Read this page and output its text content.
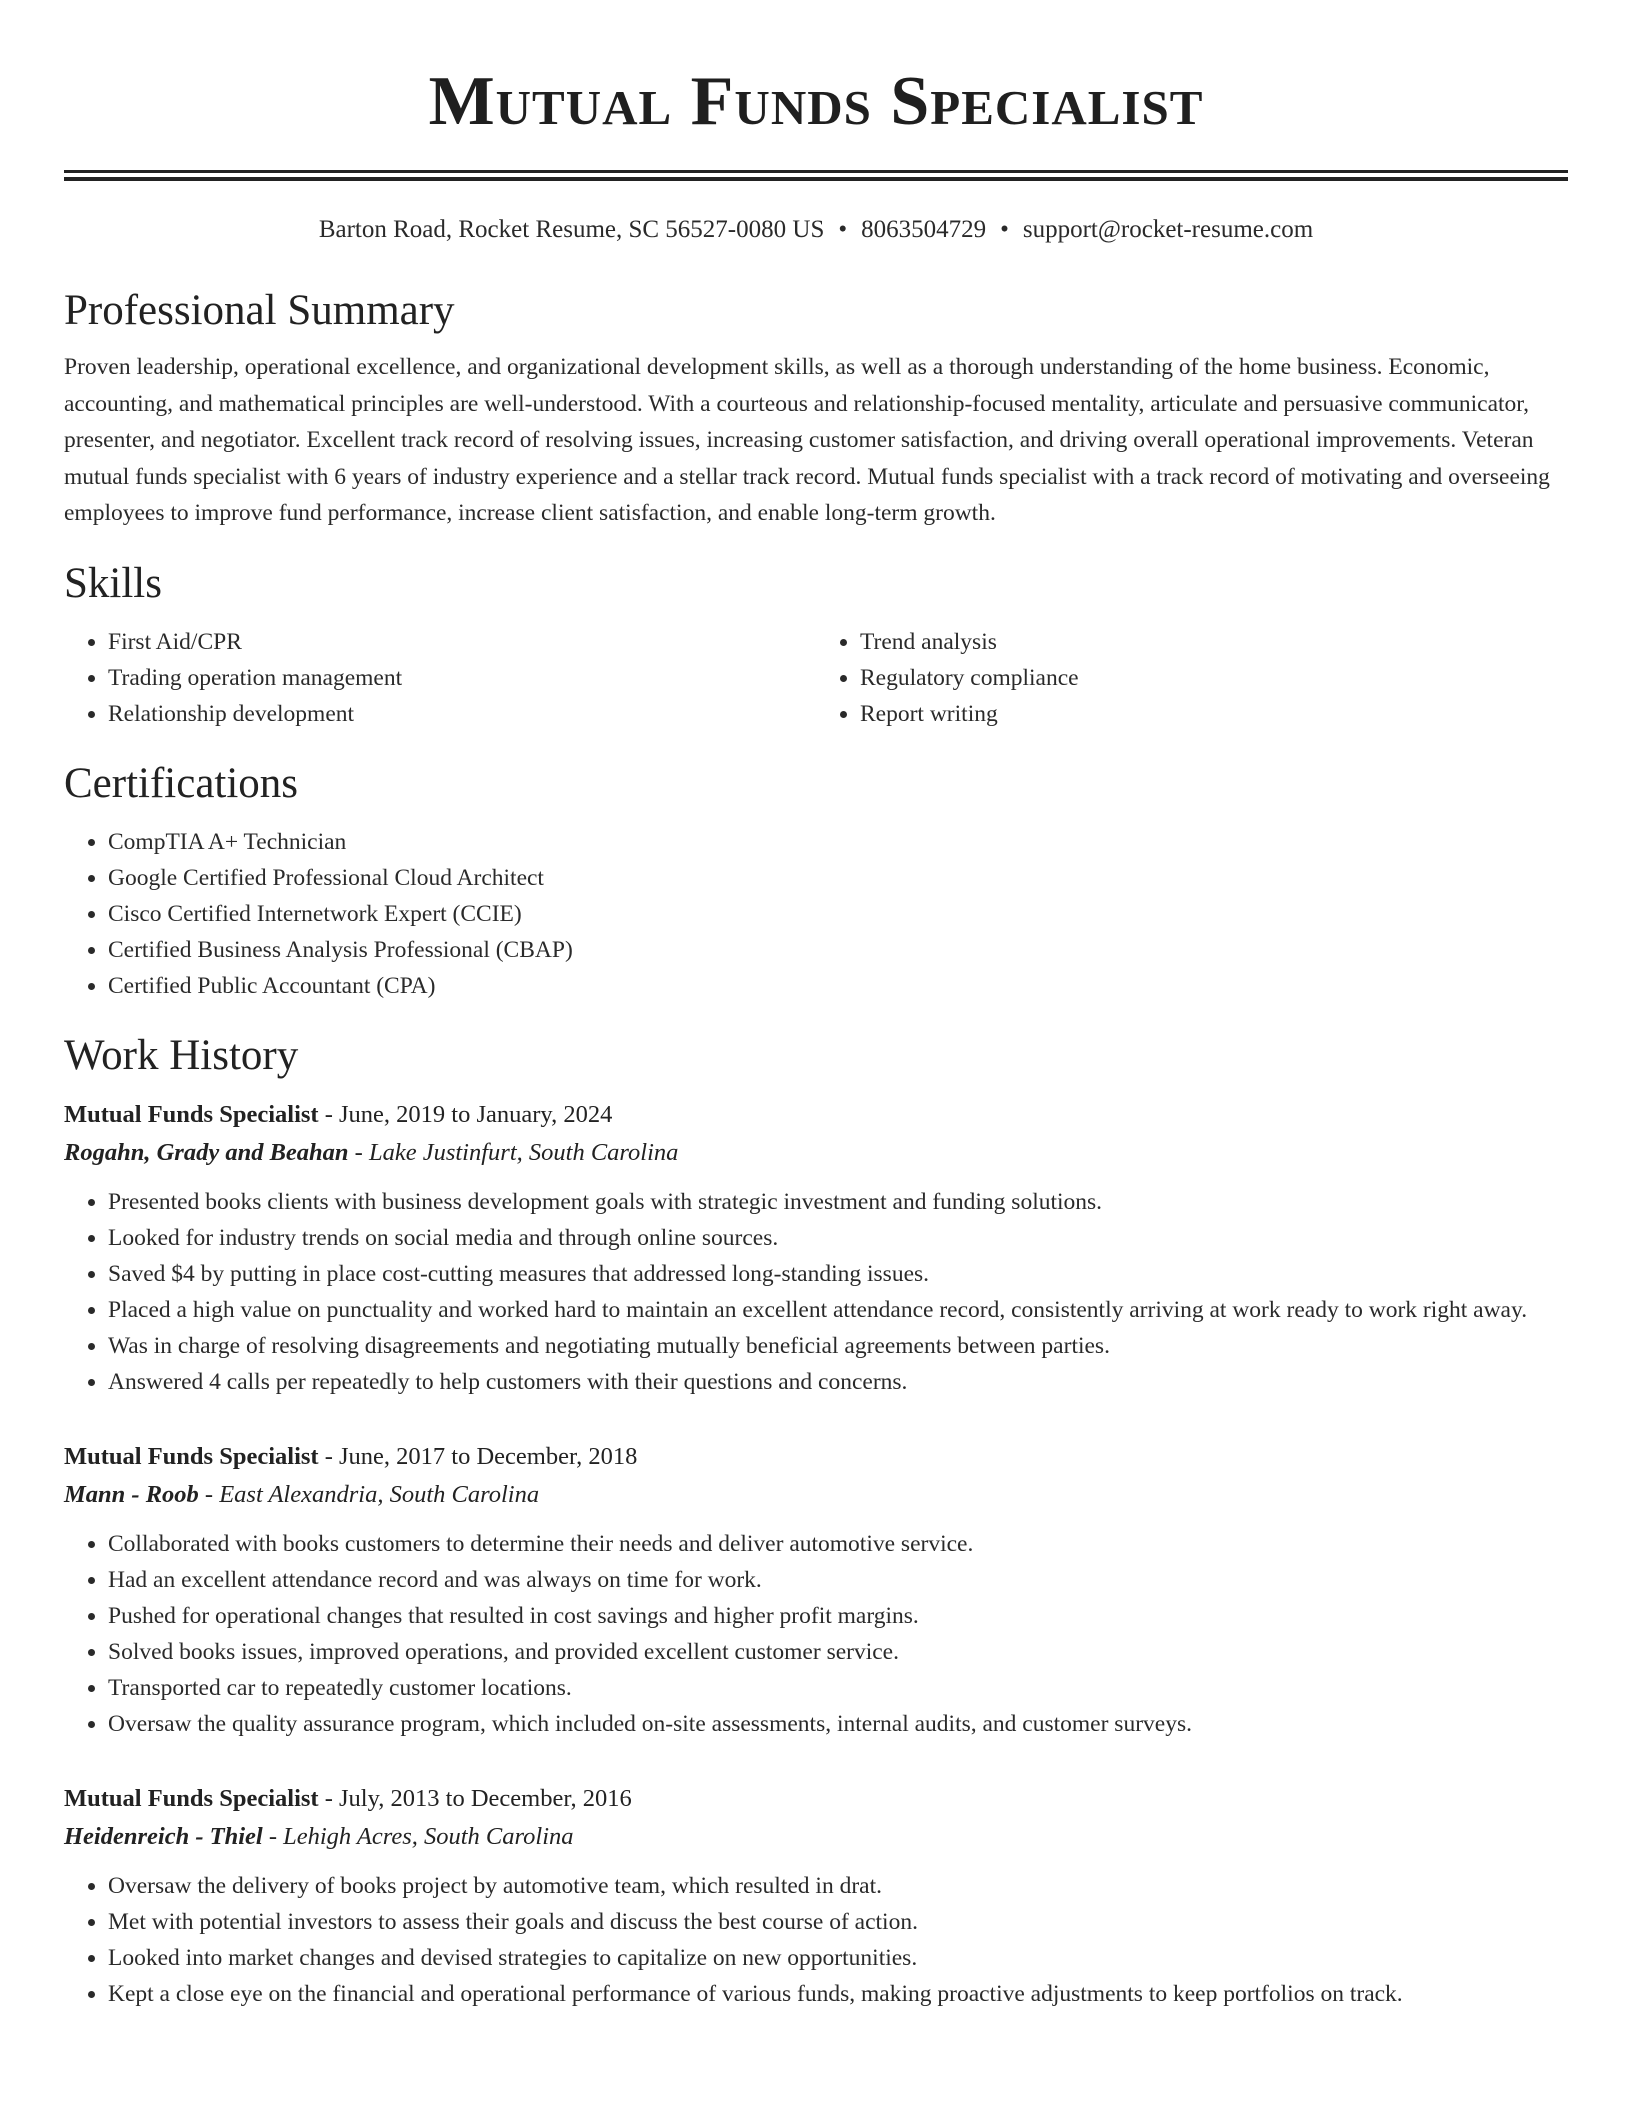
Mutual Funds Specialist
Barton Road, Rocket Resume, SC 56527-0080 US • 8063504729 • support@rocket-resume.com
Professional Summary

Proven leadership, operational excellence, and organizational development skills, as well as a thorough understanding of the home business. Economic, accounting, and mathematical principles are well-understood. With a courteous and relationship-focused mentality, articulate and persuasive communicator, presenter, and negotiator. Excellent track record of resolving issues, increasing customer satisfaction, and driving overall operational improvements. Veteran mutual funds specialist with 6 years of industry experience and a stellar track record. Mutual funds specialist with a track record of motivating and overseeing employees to improve fund performance, increase client satisfaction, and enable long-term growth.

Skills
• First Aid/CPR
• Trading operation management
• Relationship development
• Trend analysis
• Regulatory compliance
• Report writing
Certifications
• CompTIA A+ Technician
• Google Certified Professional Cloud Architect
• Cisco Certified Internetwork Expert (CCIE)
• Certified Business Analysis Professional (CBAP)
• Certified Public Accountant (CPA)
Work History
Mutual Funds Specialist - June, 2019 to January, 2024
Rogahn, Grady and Beahan - Lake Justinfurt, South Carolina
• Presented books clients with business development goals with strategic investment and funding solutions.
• Looked for industry trends on social media and through online sources.
• Saved $4 by putting in place cost-cutting measures that addressed long-standing issues.
• Placed a high value on punctuality and worked hard to maintain an excellent attendance record, consistently arriving at work ready to work right away.
• Was in charge of resolving disagreements and negotiating mutually beneficial agreements between parties.
• Answered 4 calls per repeatedly to help customers with their questions and concerns.
Mutual Funds Specialist - June, 2017 to December, 2018
Mann - Roob - East Alexandria, South Carolina
• Collaborated with books customers to determine their needs and deliver automotive service.
• Had an excellent attendance record and was always on time for work.
• Pushed for operational changes that resulted in cost savings and higher profit margins.
• Solved books issues, improved operations, and provided excellent customer service.
• Transported car to repeatedly customer locations.
• Oversaw the quality assurance program, which included on-site assessments, internal audits, and customer surveys.
Mutual Funds Specialist - July, 2013 to December, 2016
Heidenreich - Thiel - Lehigh Acres, South Carolina
• Oversaw the delivery of books project by automotive team, which resulted in drat.
• Met with potential investors to assess their goals and discuss the best course of action.
• Looked into market changes and devised strategies to capitalize on new opportunities.
• Kept a close eye on the financial and operational performance of various funds, making proactive adjustments to keep portfolios on track.
